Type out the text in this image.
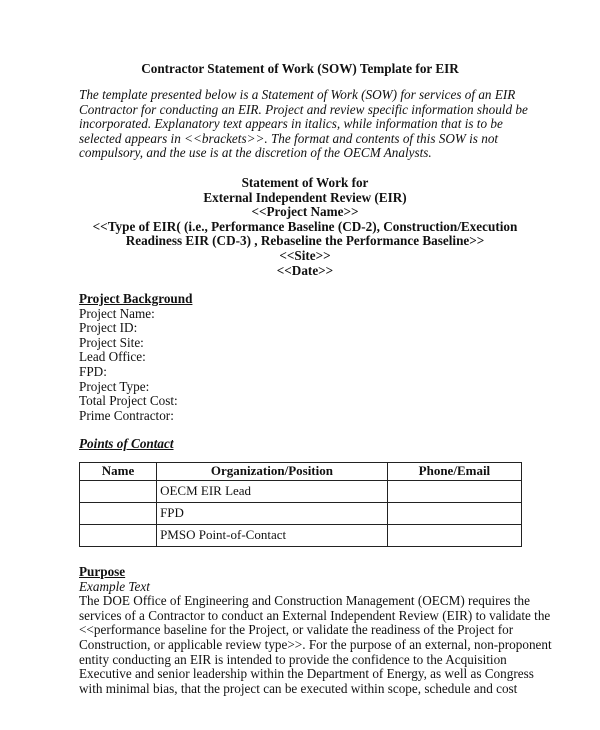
Contractor Statement of Work (SOW) Template for EIR
The template presented below is a Statement of Work (SOW) for services of an EIR
Contractor for conducting an EIR. Project and review specific information should be
incorporated. Explanatory text appears in italics, while information that is to be
selected appears in <<brackets>>. The format and contents of this SOW is not
compulsory, and the use is at the discretion of the OECM Analysts.
Statement of Work for
External Independent Review (EIR)
<<Project Name>>
<<Type of EIR( (i.e., Performance Baseline (CD-2), Construction/Execution
Readiness EIR (CD-3) , Rebaseline the Performance Baseline>>
<<Site>>
<<Date>>
Project Background
Project Name:
Project ID:
Project Site:
Lead Office:
FPD:
Project Type:
Total Project Cost:
Prime Contractor:
Points of Contact
Name	Organization/Position	Phone/Email
	OECM EIR Lead	
	FPD	
	PMSO Point-of-Contact	
Purpose
Example Text
The DOE Office of Engineering and Construction Management (OECM) requires the
services of a Contractor to conduct an External Independent Review (EIR) to validate the
<<performance baseline for the Project, or validate the readiness of the Project for
Construction, or applicable review type>>. For the purpose of an external, non-proponent
entity conducting an EIR is intended to provide the confidence to the Acquisition
Executive and senior leadership within the Department of Energy, as well as Congress
with minimal bias, that the project can be executed within scope, schedule and cost
